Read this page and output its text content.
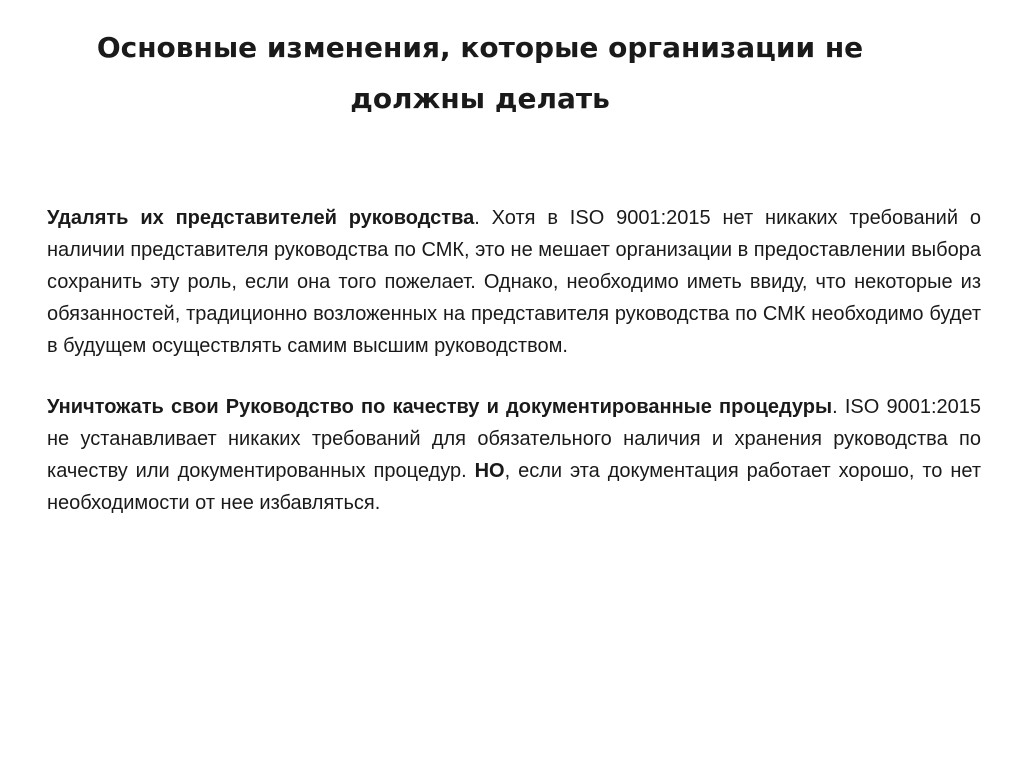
Основные изменения, которые организации не должны делать

Удалять их представителей руководства. Хотя в ISO 9001:2015 нет никаких требований о наличии представителя руководства по СМК, это не мешает организации в предоставлении выбора сохранить эту роль, если она того пожелает. Однако, необходимо иметь ввиду, что некоторые из обязанностей, традиционно возложенных на представителя руководства по СМК необходимо будет в будущем осуществлять самим высшим руководством.

Уничтожать свои Руководство по качеству и документированные процедуры. ISO 9001:2015 не устанавливает никаких требований для обязательного наличия и хранения руководства по качеству или документированных процедур. НО, если эта документация работает хорошо, то нет необходимости от нее избавляться.
